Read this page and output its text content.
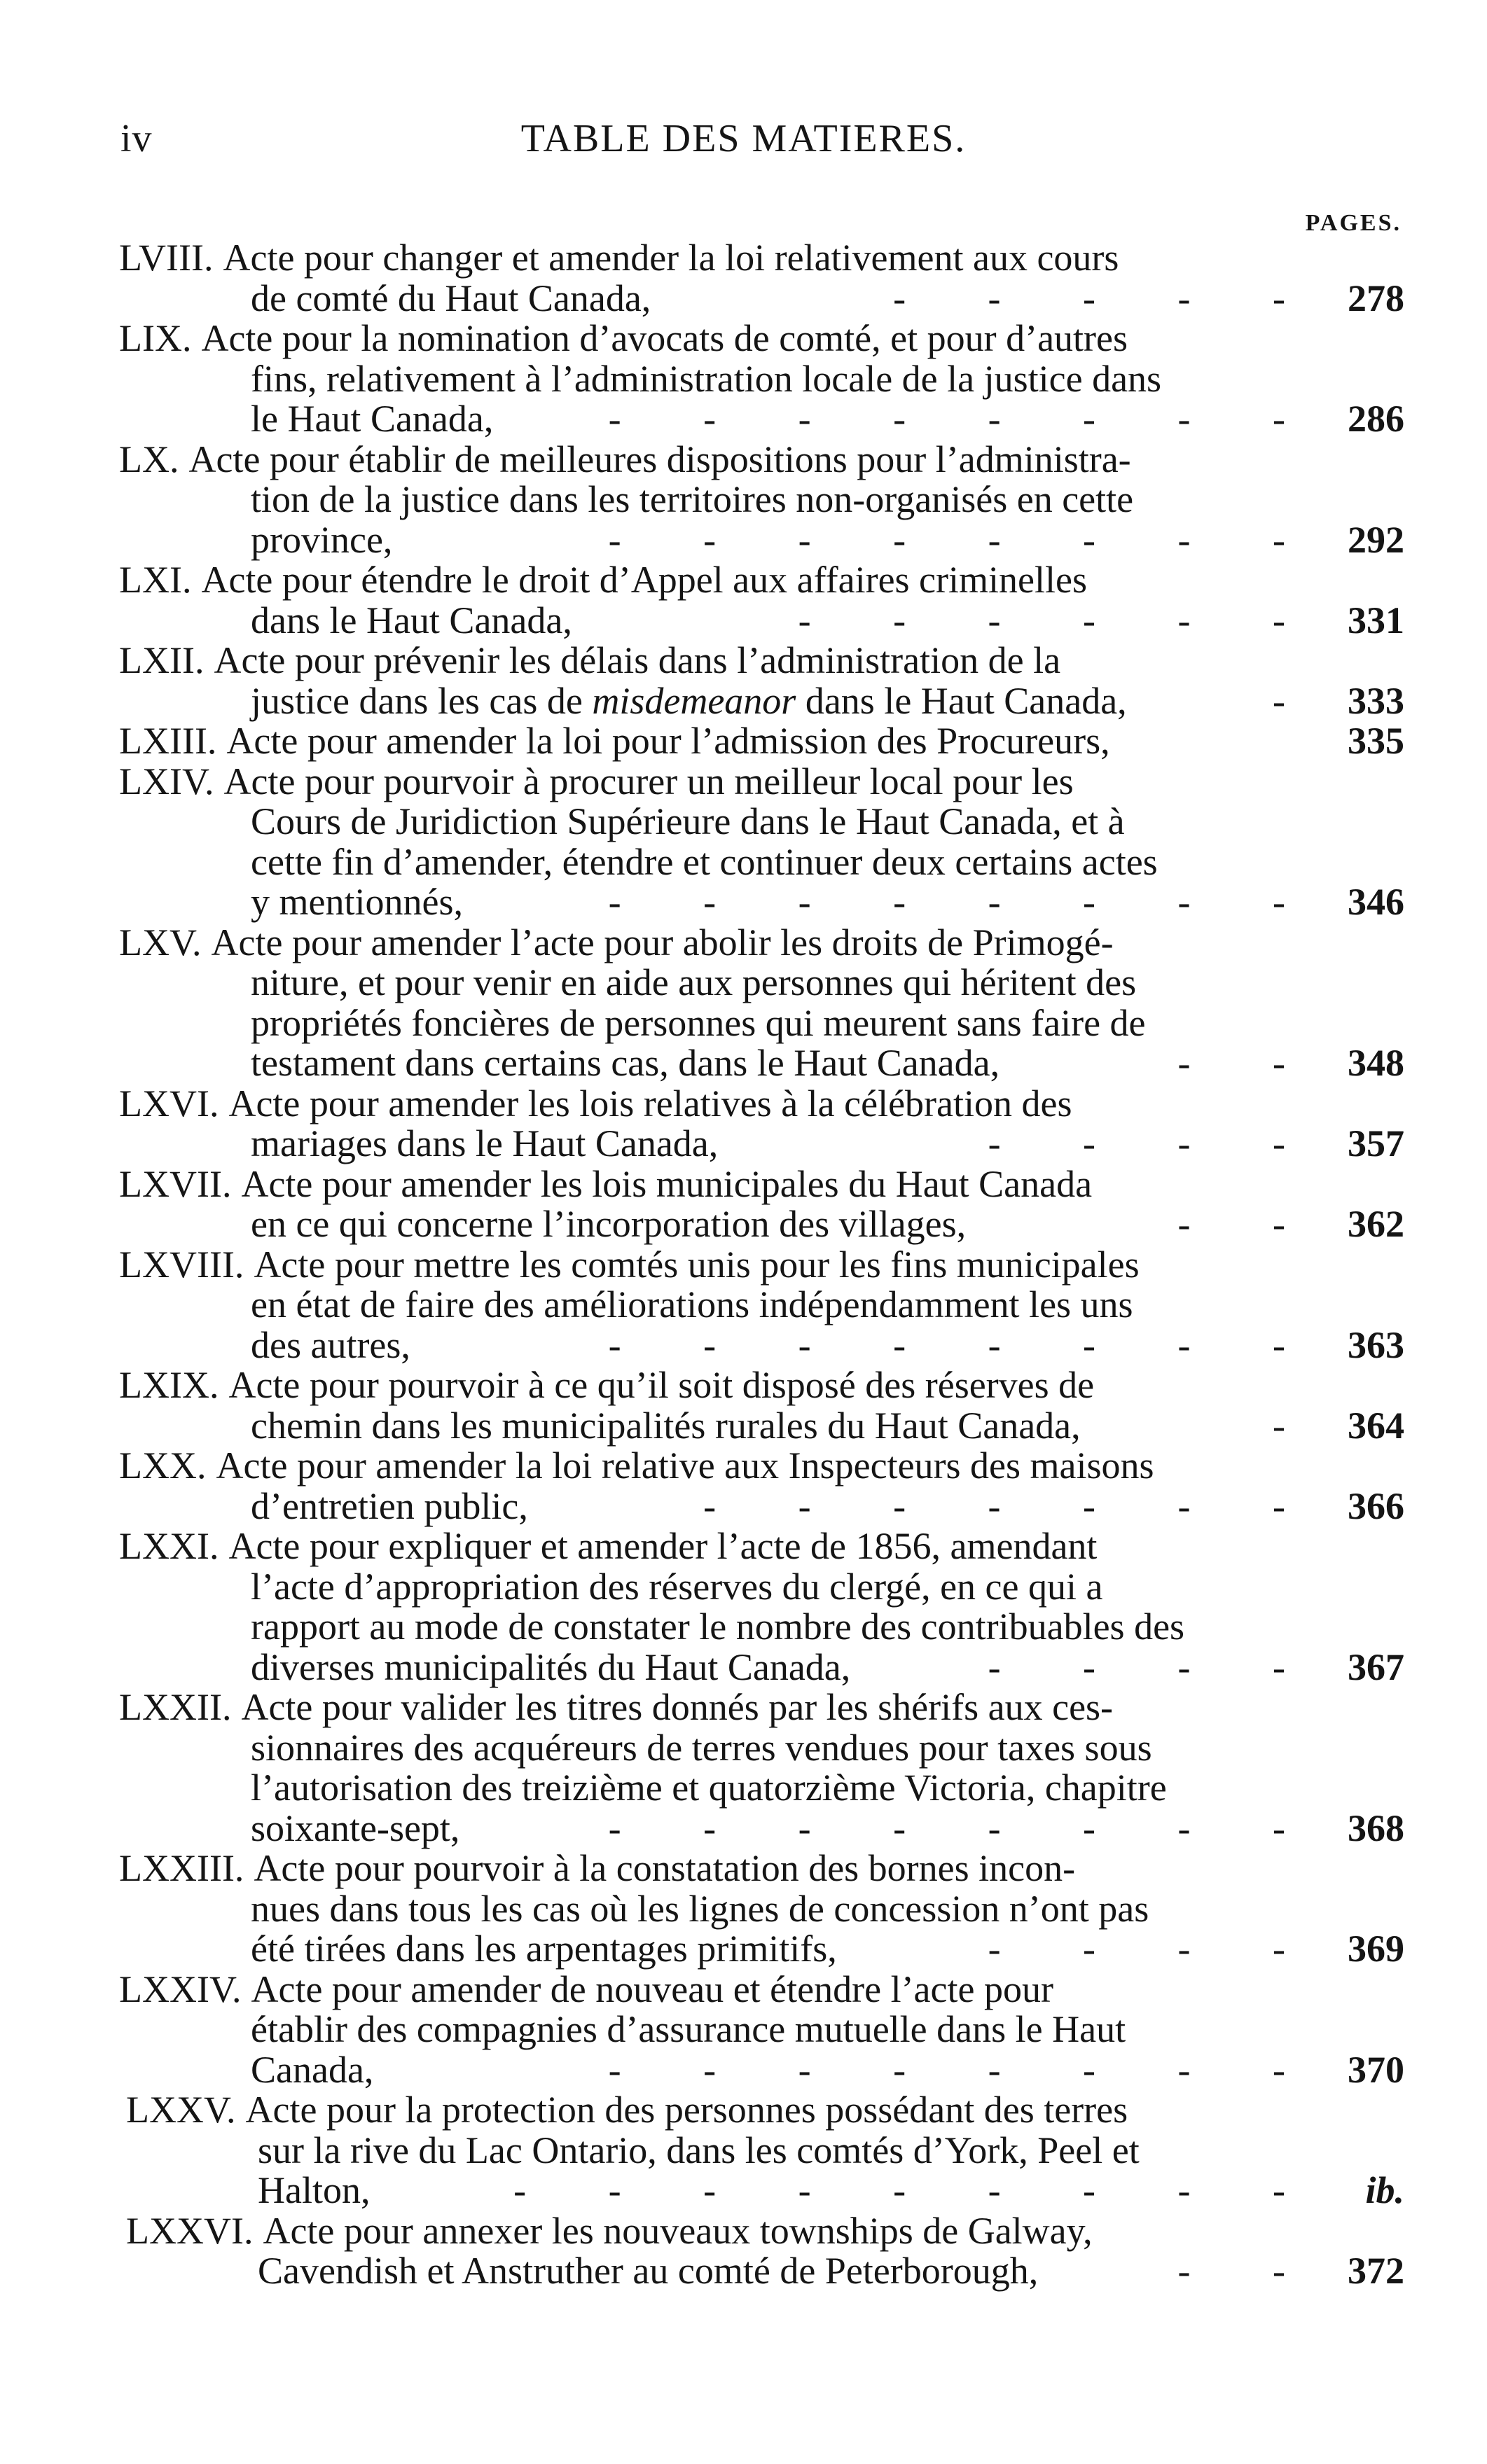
iv	TABLE DES MATIERES.
PAGES.
LVIII. Acte pour changer et amender la loi relativement aux cours
de comté du Haut Canada,	- - - - - 278
LIX. Acte pour la nomination d’avocats de comté, et pour d’autres
fins, relativement à l’administration locale de la justice dans
le Haut Canada,	- - - - - - - - 286
LX. Acte pour établir de meilleures dispositions pour l’administra-
tion de la justice dans les territoires non-organisés en cette
province,	- - - - - - - - 292
LXI. Acte pour étendre le droit d’Appel aux affaires criminelles
dans le Haut Canada,	- - - - - - 331
LXII. Acte pour prévenir les délais dans l’administration de la
justice dans les cas de misdemeanor dans le Haut Canada,	- 333
LXIII. Acte pour amender la loi pour l’admission des Procureurs,	335
LXIV. Acte pour pourvoir à procurer un meilleur local pour les
Cours de Juridiction Supérieure dans le Haut Canada, et à
cette fin d’amender, étendre et continuer deux certains actes
y mentionnés,	- - - - - - - - 346
LXV. Acte pour amender l’acte pour abolir les droits de Primogé-
niture, et pour venir en aide aux personnes qui héritent des
propriétés foncières de personnes qui meurent sans faire de
testament dans certains cas, dans le Haut Canada,	- - 348
LXVI. Acte pour amender les lois relatives à la célébration des
mariages dans le Haut Canada,	- - - - 357
LXVII. Acte pour amender les lois municipales du Haut Canada
en ce qui concerne l’incorporation des villages,	- - 362
LXVIII. Acte pour mettre les comtés unis pour les fins municipales
en état de faire des améliorations indépendamment les uns
des autres,	- - - - - - - - 363
LXIX. Acte pour pourvoir à ce qu’il soit disposé des réserves de
chemin dans les municipalités rurales du Haut Canada,	- 364
LXX. Acte pour amender la loi relative aux Inspecteurs des maisons
d’entretien public,	- - - - - - - 366
LXXI. Acte pour expliquer et amender l’acte de 1856, amendant
l’acte d’appropriation des réserves du clergé, en ce qui a
rapport au mode de constater le nombre des contribuables des
diverses municipalités du Haut Canada,	- - - - 367
LXXII. Acte pour valider les titres donnés par les shérifs aux ces-
sionnaires des acquéreurs de terres vendues pour taxes sous
l’autorisation des treizième et quatorzième Victoria, chapitre
soixante-sept,	- - - - - - - - 368
LXXIII. Acte pour pourvoir à la constatation des bornes incon-
nues dans tous les cas où les lignes de concession n’ont pas
été tirées dans les arpentages primitifs,	- - - - 369
LXXIV. Acte pour amender de nouveau et étendre l’acte pour
établir des compagnies d’assurance mutuelle dans le Haut
Canada,	- - - - - - - - 370
LXXV. Acte pour la protection des personnes possédant des terres
sur la rive du Lac Ontario, dans les comtés d’York, Peel et
Halton,	- - - - - - - - -	ib.
LXXVI. Acte pour annexer les nouveaux townships de Galway,
Cavendish et Anstruther au comté de Peterborough,	- - 372
